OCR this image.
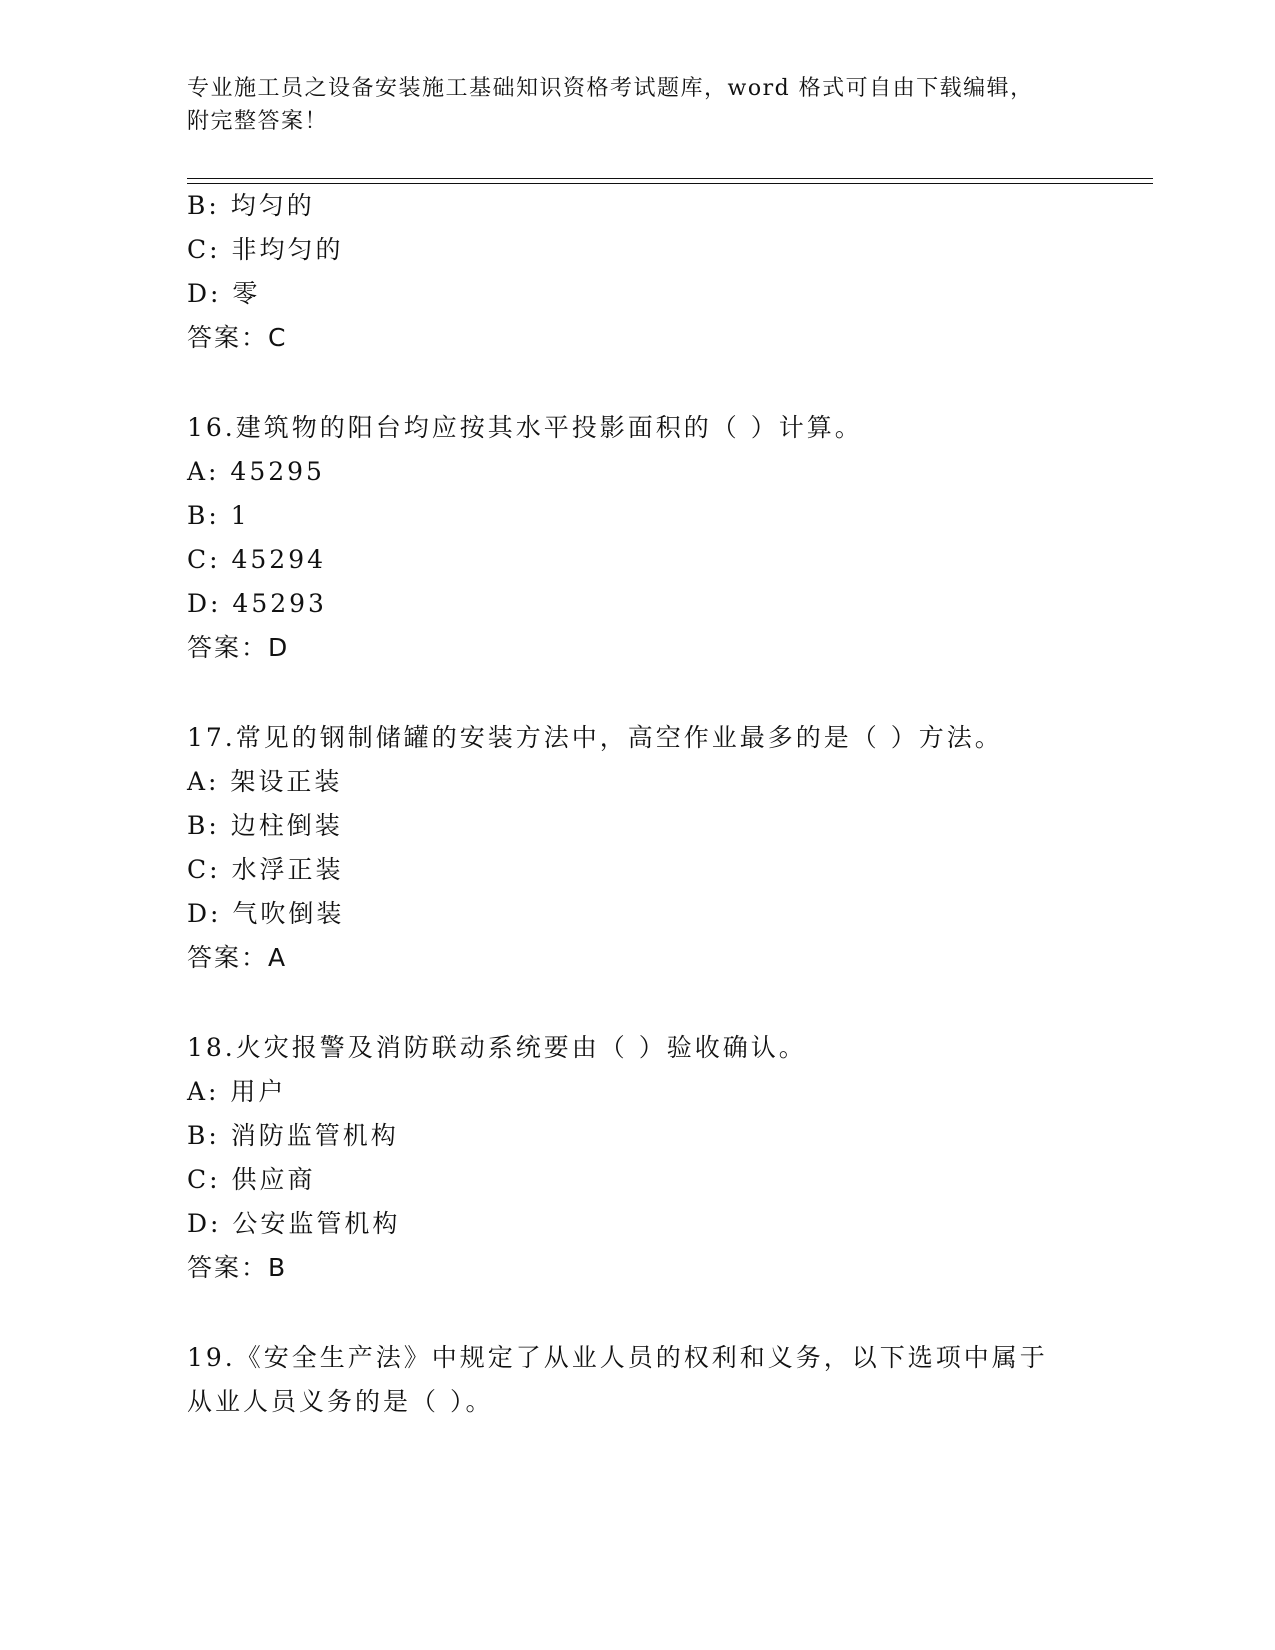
专业施工员之设备安装施工基础知识资格考试题库，word 格式可自由下载编辑，
附完整答案！
B: 均匀的
C: 非均匀的
D: 零
答案：C
16.建筑物的阳台均应按其水平投影面积的（ ）计算。
A: 45295
B: 1
C: 45294
D: 45293
答案：D
17.常见的钢制储罐的安装方法中，高空作业最多的是（ ）方法。
A: 架设正装
B: 边柱倒装
C: 水浮正装
D: 气吹倒装
答案：A
18.火灾报警及消防联动系统要由（ ）验收确认。
A: 用户
B: 消防监管机构
C: 供应商
D: 公安监管机构
答案：B
19.《安全生产法》中规定了从业人员的权利和义务，以下选项中属于
从业人员义务的是（ ）。
